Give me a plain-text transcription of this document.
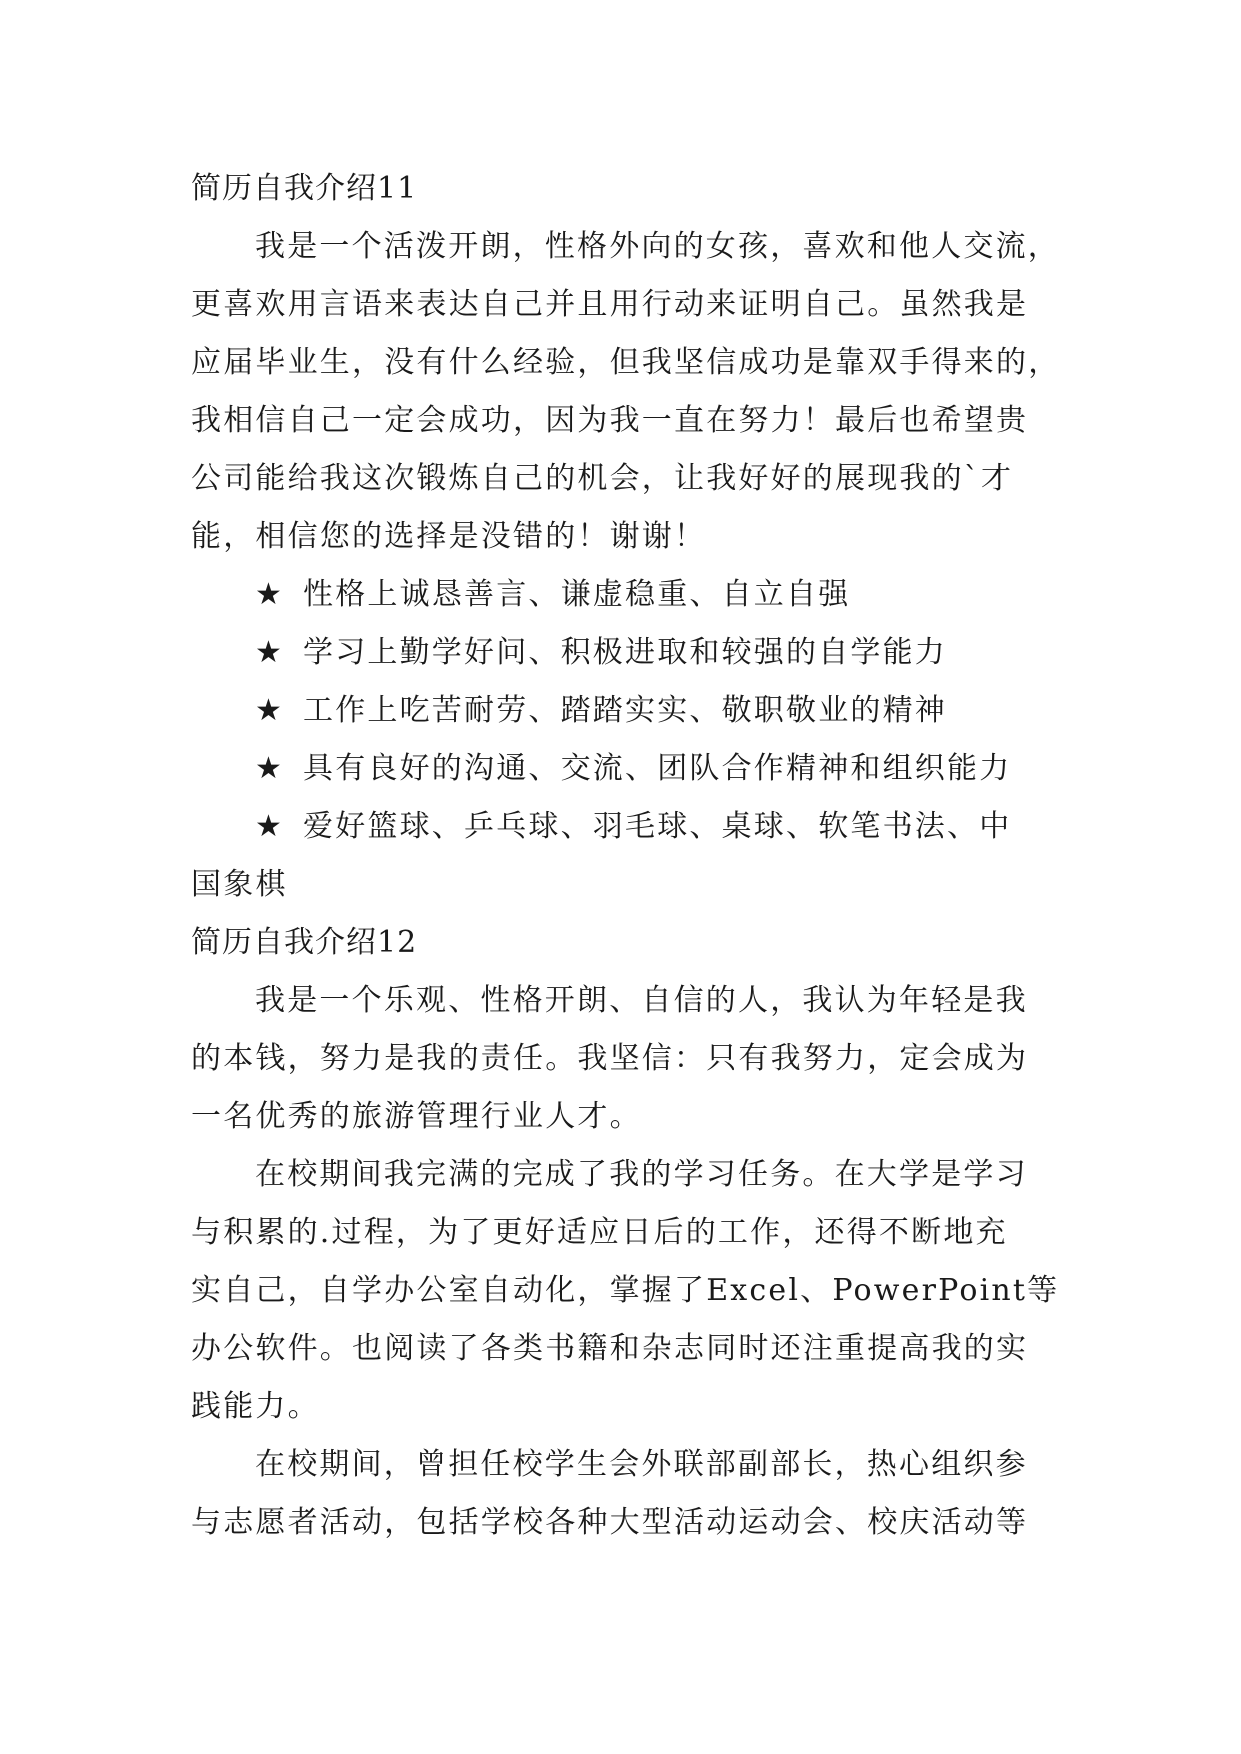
简历自我介绍11
我是一个活泼开朗，性格外向的女孩，喜欢和他人交流，
更喜欢用言语来表达自己并且用行动来证明自己。虽然我是
应届毕业生，没有什么经验，但我坚信成功是靠双手得来的，
我相信自己一定会成功，因为我一直在努力！最后也希望贵
公司能给我这次锻炼自己的机会，让我好好的展现我的`才
能，相信您的选择是没错的！谢谢！
★ 性格上诚恳善言、谦虚稳重、自立自强
★ 学习上勤学好问、积极进取和较强的自学能力
★ 工作上吃苦耐劳、踏踏实实、敬职敬业的精神
★ 具有良好的沟通、交流、团队合作精神和组织能力
★ 爱好篮球、乒乓球、羽毛球、桌球、软笔书法、中
国象棋
简历自我介绍12
我是一个乐观、性格开朗、自信的人，我认为年轻是我
的本钱，努力是我的责任。我坚信：只有我努力，定会成为
一名优秀的旅游管理行业人才。
在校期间我完满的完成了我的学习任务。在大学是学习
与积累的.过程，为了更好适应日后的工作，还得不断地充
实自己，自学办公室自动化，掌握了Excel、PowerPoint等
办公软件。也阅读了各类书籍和杂志同时还注重提高我的实
践能力。
在校期间，曾担任校学生会外联部副部长，热心组织参
与志愿者活动，包括学校各种大型活动运动会、校庆活动等
